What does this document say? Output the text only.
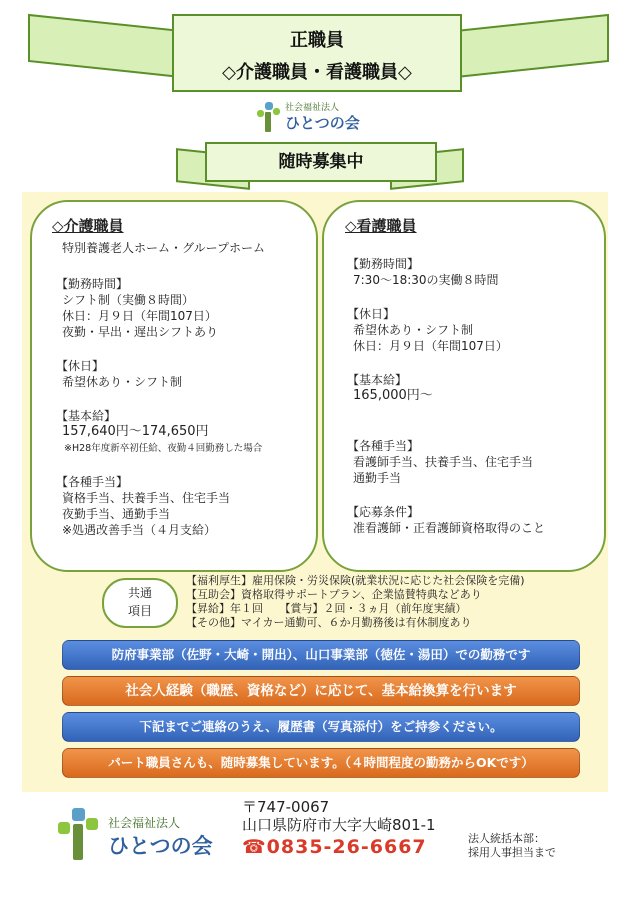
正職員
◇介護職員・看護職員◇
社会福祉法人
ひとつの会
随時募集中
◇介護職員
特別養護老人ホーム・グループホーム
【勤務時間】
シフト制（実働８時間）
休日：月９日（年間107日）
夜勤・早出・遅出シフトあり
【休日】
希望休あり・シフト制
【基本給】
157,640円～174,650円
※H28年度新卒初任給、夜勤４回勤務した場合
【各種手当】
資格手当、扶養手当、住宅手当
夜勤手当、通勤手当
※処遇改善手当（４月支給）
◇看護職員
【勤務時間】
7:30～18:30の実働８時間
【休日】
希望休あり・シフト制
休日：月９日（年間107日）
【基本給】
165,000円～
【各種手当】
看護師手当、扶養手当、住宅手当
通勤手当
【応募条件】
准看護師・正看護師資格取得のこと
共通
項目
【福利厚生】雇用保険・労災保険(就業状況に応じた社会保険を完備)
【互助会】資格取得サポートプラン、企業協賛特典などあり
【昇給】年１回　　【賞与】２回・３ヵ月（前年度実績）
【その他】マイカー通勤可、６か月勤務後は有休制度あり
防府事業部（佐野・大崎・開出）、山口事業部（徳佐・湯田）での勤務です
社会人経験（職歴、資格など）に応じて、基本給換算を行います
下記までご連絡のうえ、履歴書（写真添付）をご持参ください。
パート職員さんも、随時募集しています。（４時間程度の勤務からOKです）
社会福祉法人
ひとつの会
〒747-0067
山口県防府市大字大崎801-1
☎0835-26-6667	法人統括本部：
採用人事担当まで
